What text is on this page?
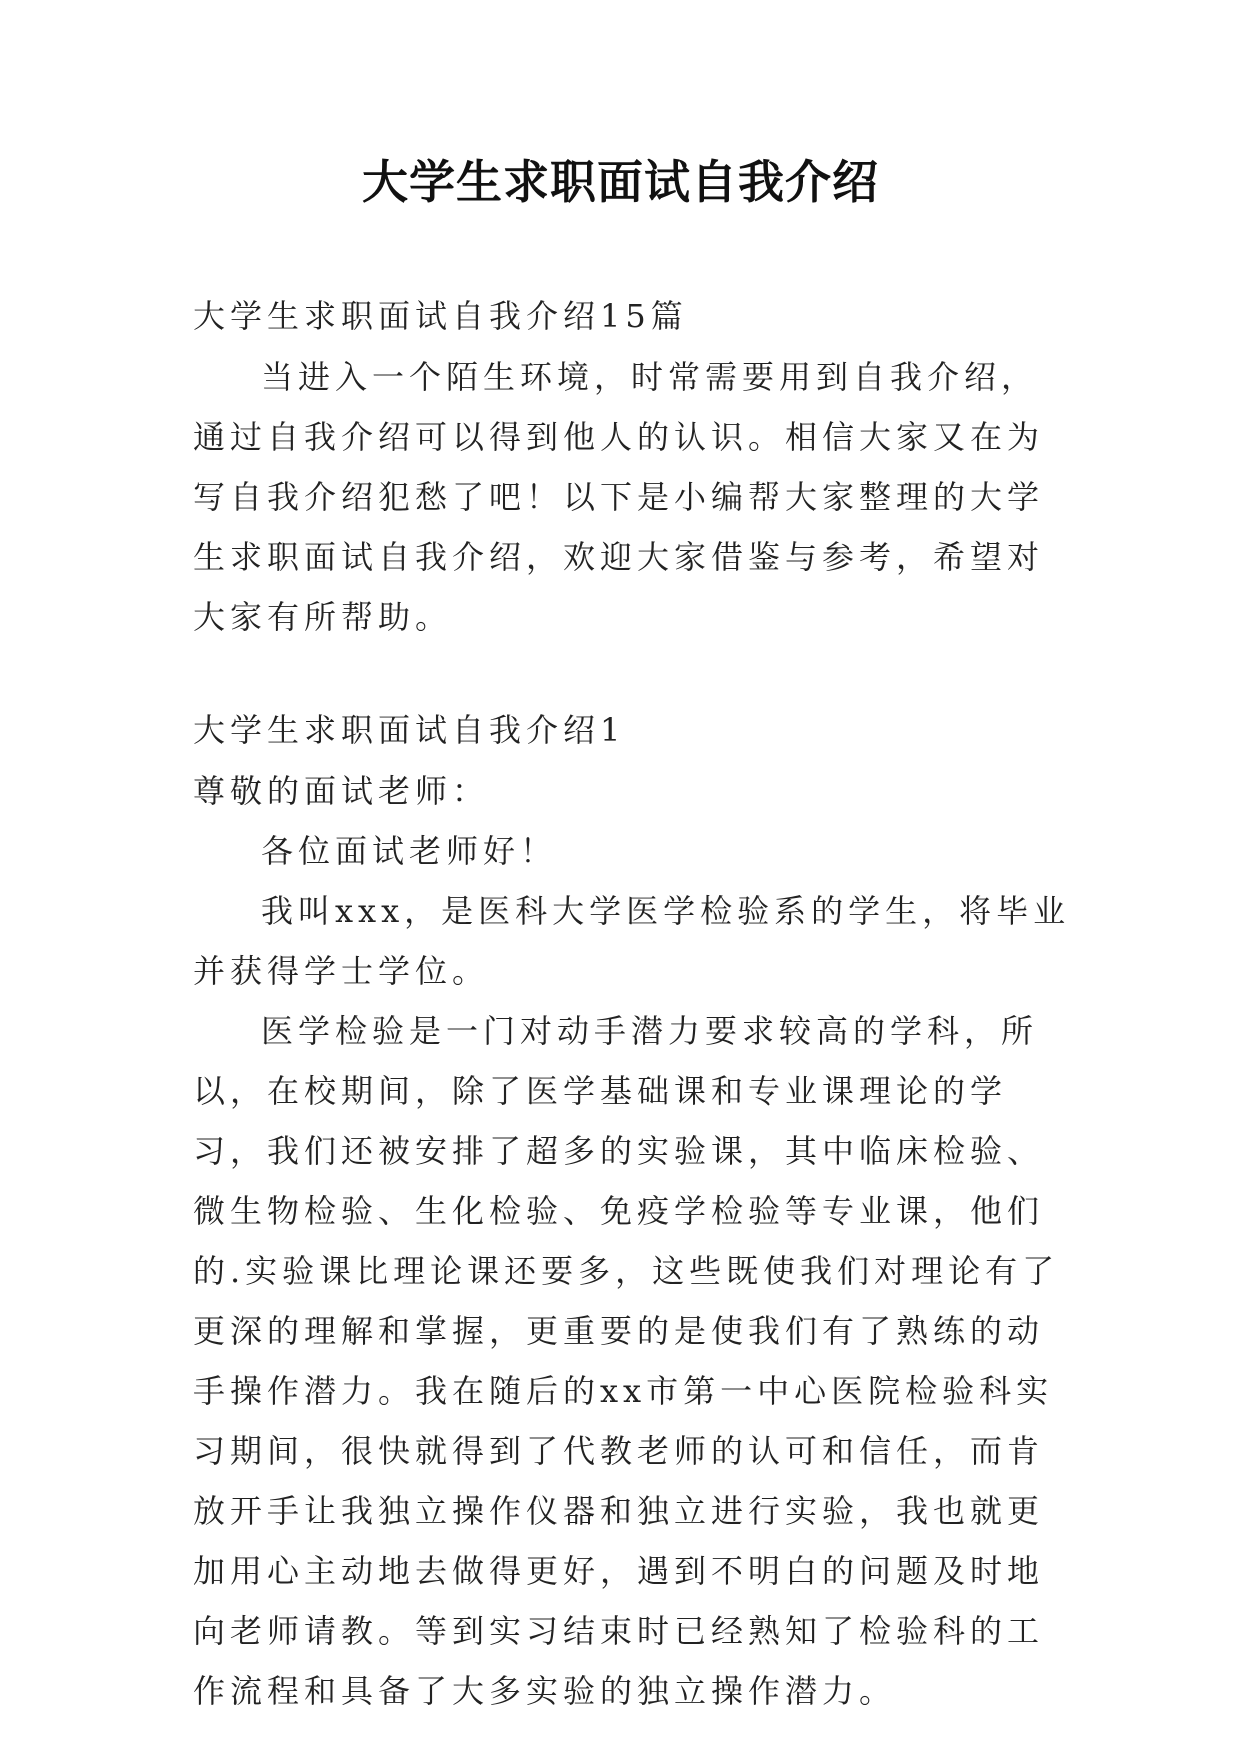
大学生求职面试自我介绍

大学生求职面试自我介绍15篇

当进入一个陌生环境，时常需要用到自我介绍，通过自我介绍可以得到他人的认识。相信大家又在为写自我介绍犯愁了吧！以下是小编帮大家整理的大学生求职面试自我介绍，欢迎大家借鉴与参考，希望对大家有所帮助。

大学生求职面试自我介绍1

尊敬的面试老师：

各位面试老师好！

我叫xxx，是医科大学医学检验系的学生，将毕业并获得学士学位。

医学检验是一门对动手潜力要求较高的学科，所以，在校期间，除了医学基础课和专业课理论的学习，我们还被安排了超多的实验课，其中临床检验、微生物检验、生化检验、免疫学检验等专业课，他们的.实验课比理论课还要多，这些既使我们对理论有了更深的理解和掌握，更重要的是使我们有了熟练的动手操作潜力。我在随后的xx市第一中心医院检验科实习期间，很快就得到了代教老师的认可和信任，而肯放开手让我独立操作仪器和独立进行实验，我也就更加用心主动地去做得更好，遇到不明白的问题及时地向老师请教。等到实习结束时已经熟知了检验科的工作流程和具备了大多实验的独立操作潜力。
